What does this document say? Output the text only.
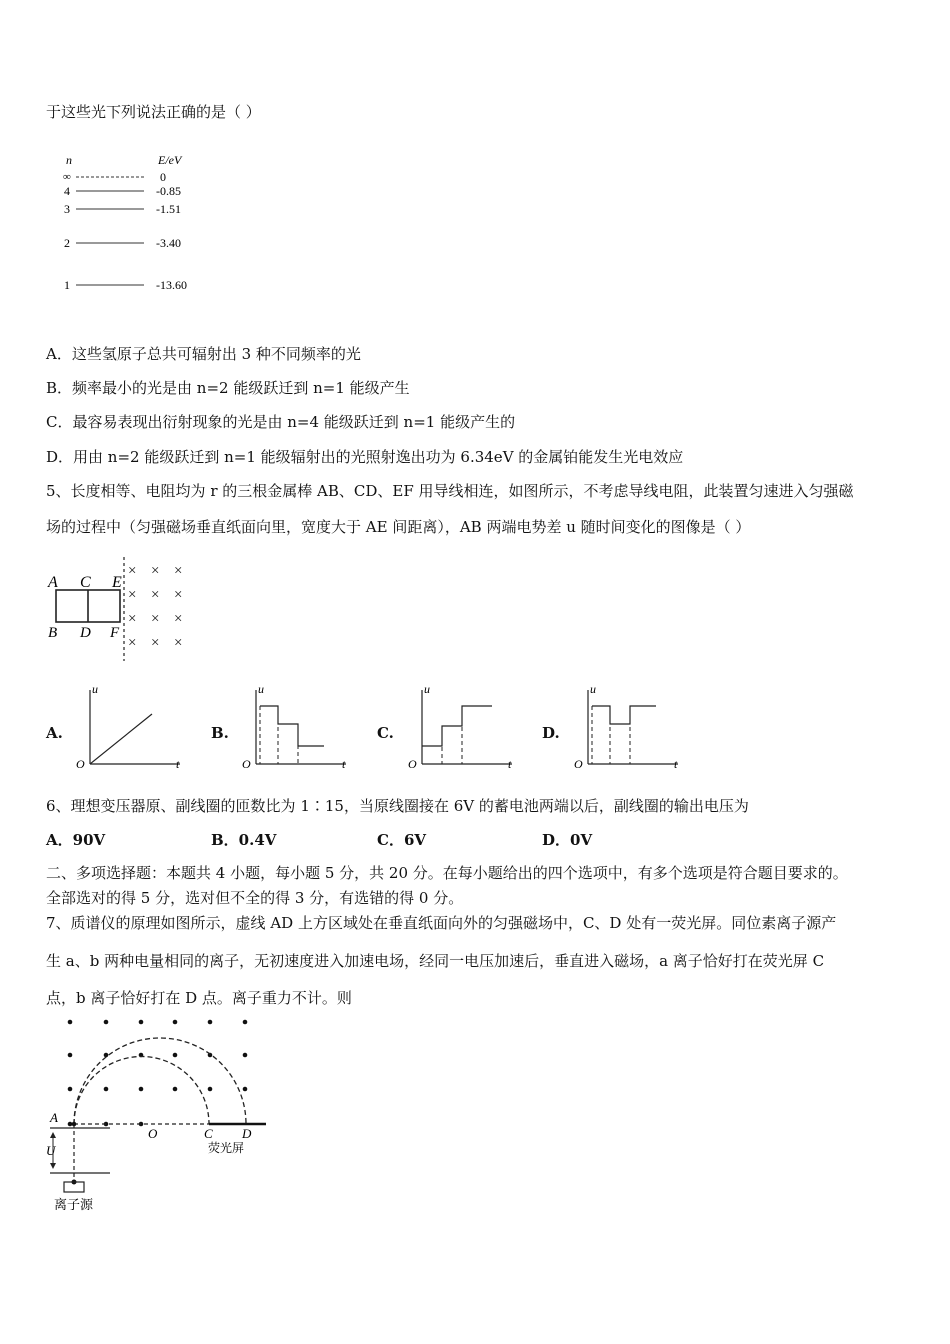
于这些光下列说法正确的是（ ）
n	E/eV
∞	0
4	-0.85
3	-1.51
2	-3.40
1	-13.60
A．这些氢原子总共可辐射出 3 种不同频率的光
B．频率最小的光是由 n=2 能级跃迁到 n=1 能级产生
C．最容易表现出衍射现象的光是由 n=4 能级跃迁到 n=1 能级产生的
D．用由 n=2 能级跃迁到 n=1 能级辐射出的光照射逸出功为 6.34eV 的金属铂能发生光电效应
5、长度相等、电阻均为 r 的三根金属棒 AB、CD、EF 用导线相连，如图所示，不考虑导线电阻，此装置匀速进入匀强磁
场的过程中（匀强磁场垂直纸面向里，宽度大于 AE 间距离），AB 两端电势差 u 随时间变化的图像是（ ）
A C E
B D F
× × ×
× × ×
× × ×
× × ×
A.
u
t
O
B.
u
t
O
C.
u
t
O
D.
u
t
O
6、理想变压器原、副线圈的匝数比为 1∶15，当原线圈接在 6V 的蓄电池两端以后，副线圈的输出电压为
A．90V	B．0.4V	C．6V	D．0V
二、多项选择题：本题共 4 小题，每小题 5 分，共 20 分。在每小题给出的四个选项中，有多个选项是符合题目要求的。
全部选对的得 5 分，选对但不全的得 3 分，有选错的得 0 分。
7、质谱仪的原理如图所示，虚线 AD 上方区域处在垂直纸面向外的匀强磁场中，C、D 处有一荧光屏。同位素离子源产
生 a、b 两种电量相同的离子，无初速度进入加速电场，经同一电压加速后，垂直进入磁场，a 离子恰好打在荧光屏 C
点，b 离子恰好打在 D 点。离子重力不计。则
U
离子源
A
O	C D
荧光屏
